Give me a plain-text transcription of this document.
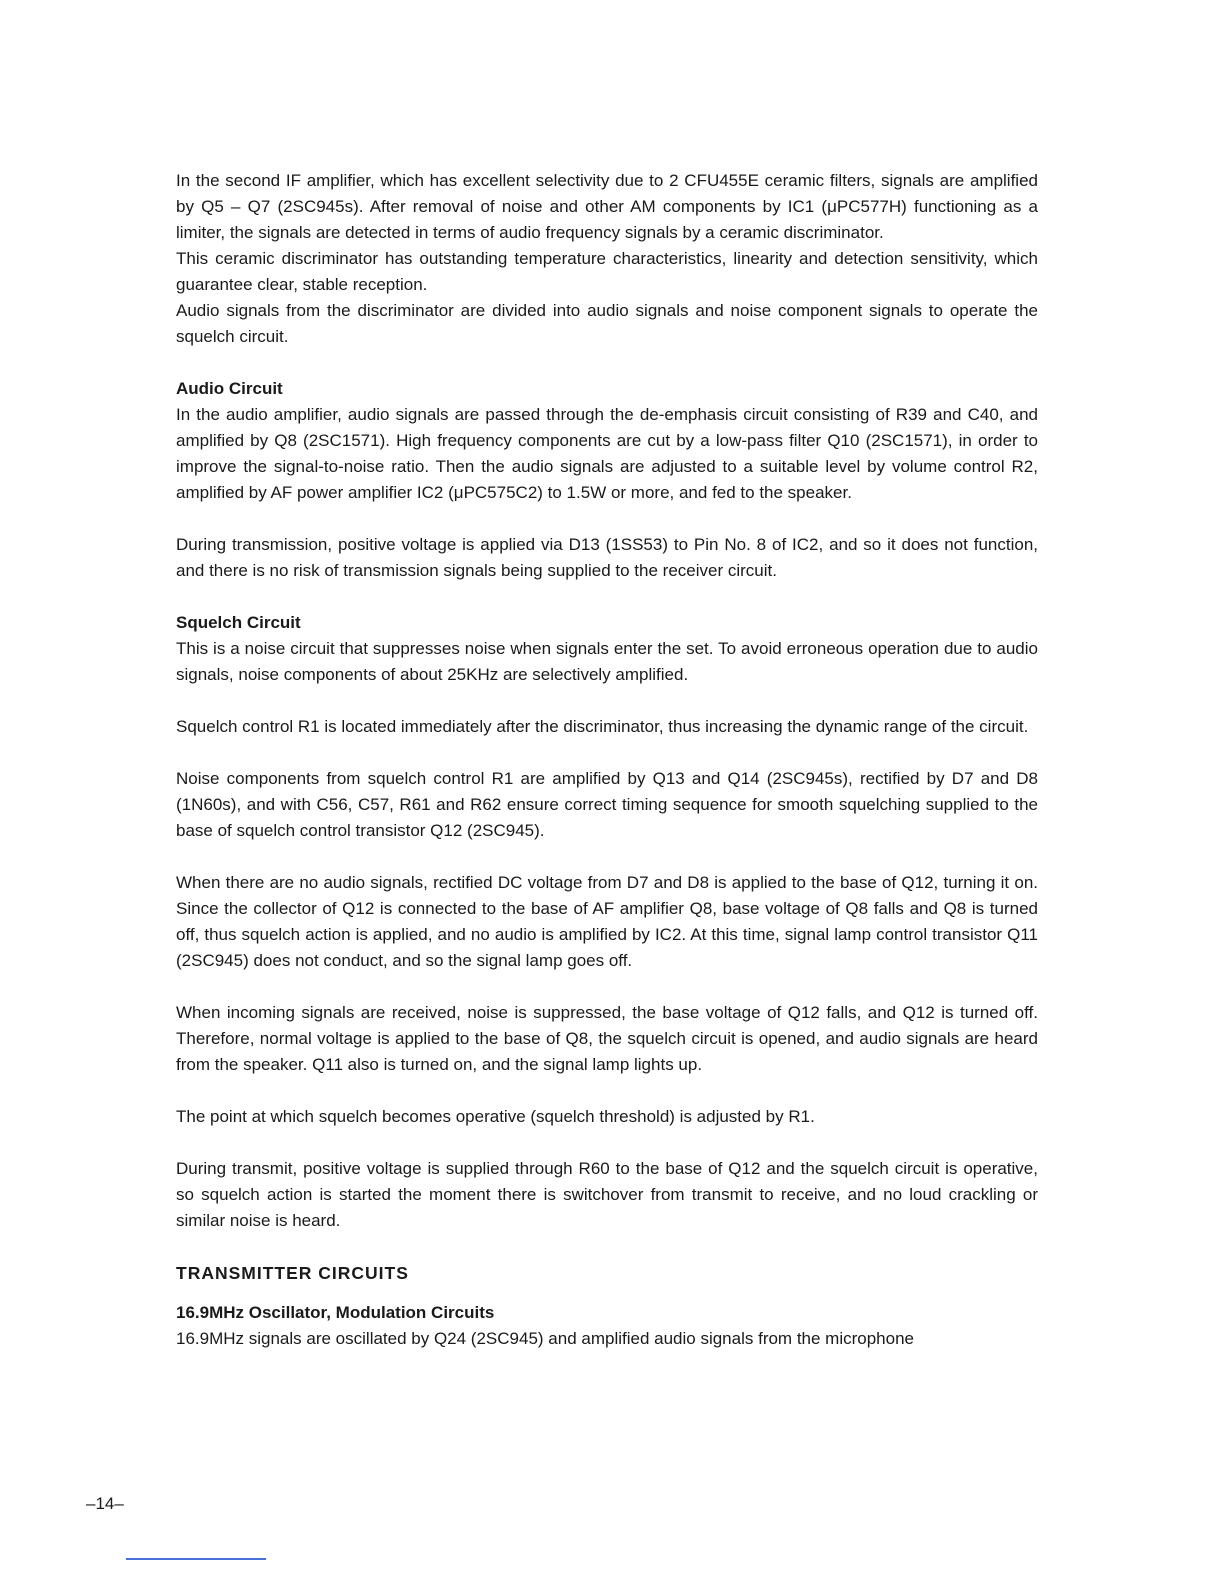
In the second IF amplifier, which has excellent selectivity due to 2 CFU455E ceramic filters, signals are amplified by Q5 – Q7 (2SC945s). After removal of noise and other AM components by IC1 (μPC577H) functioning as a limiter, the signals are detected in terms of audio frequency signals by a ceramic discriminator.

This ceramic discriminator has outstanding temperature characteristics, linearity and detection sensitivity, which guarantee clear, stable reception.

Audio signals from the discriminator are divided into audio signals and noise component signals to operate the squelch circuit.

Audio Circuit

In the audio amplifier, audio signals are passed through the de-emphasis circuit consisting of R39 and C40, and amplified by Q8 (2SC1571). High frequency components are cut by a low-pass filter Q10 (2SC1571), in order to improve the signal-to-noise ratio. Then the audio signals are adjusted to a suitable level by volume control R2, amplified by AF power amplifier IC2 (μPC575C2) to 1.5W or more, and fed to the speaker.

During transmission, positive voltage is applied via D13 (1SS53) to Pin No. 8 of IC2, and so it does not function, and there is no risk of transmission signals being supplied to the receiver circuit.

Squelch Circuit

This is a noise circuit that suppresses noise when signals enter the set. To avoid erroneous operation due to audio signals, noise components of about 25KHz are selectively amplified.

Squelch control R1 is located immediately after the discriminator, thus increasing the dynamic range of the circuit.

Noise components from squelch control R1 are amplified by Q13 and Q14 (2SC945s), rectified by D7 and D8 (1N60s), and with C56, C57, R61 and R62 ensure correct timing sequence for smooth squelching supplied to the base of squelch control transistor Q12 (2SC945).

When there are no audio signals, rectified DC voltage from D7 and D8 is applied to the base of Q12, turning it on. Since the collector of Q12 is connected to the base of AF amplifier Q8, base voltage of Q8 falls and Q8 is turned off, thus squelch action is applied, and no audio is amplified by IC2. At this time, signal lamp control transistor Q11 (2SC945) does not conduct, and so the signal lamp goes off.

When incoming signals are received, noise is suppressed, the base voltage of Q12 falls, and Q12 is turned off. Therefore, normal voltage is applied to the base of Q8, the squelch circuit is opened, and audio signals are heard from the speaker. Q11 also is turned on, and the signal lamp lights up.

The point at which squelch becomes operative (squelch threshold) is adjusted by R1.

During transmit, positive voltage is supplied through R60 to the base of Q12 and the squelch circuit is operative, so squelch action is started the moment there is switchover from transmit to receive, and no loud crackling or similar noise is heard.

TRANSMITTER CIRCUITS

16.9MHz Oscillator, Modulation Circuits

16.9MHz signals are oscillated by Q24 (2SC945) and amplified audio signals from the microphone

–14–
